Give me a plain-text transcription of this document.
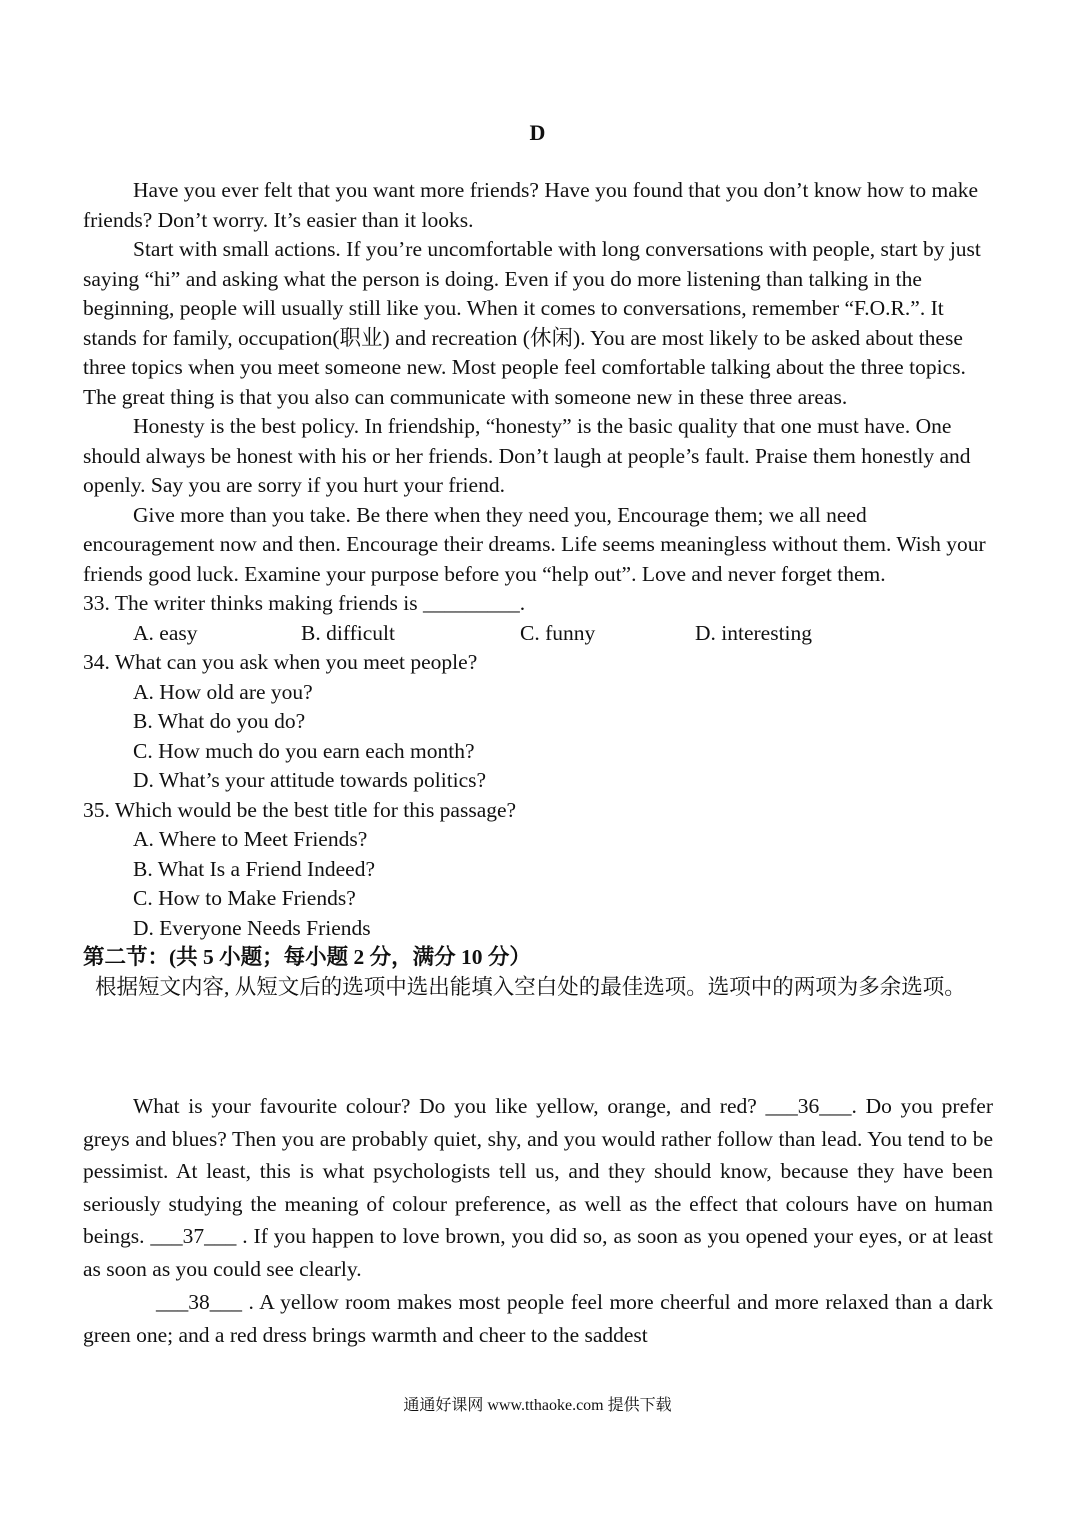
D

Have you ever felt that you want more friends? Have you found that you don’t know how to make friends? Don’t worry. It’s easier than it looks.

Start with small actions. If you’re uncomfortable with long conversations with people, start by just saying “hi” and asking what the person is doing. Even if you do more listening than talking in the beginning, people will usually still like you. When it comes to conversations, remember “F.O.R.”. It stands for family, occupation(职业) and recreation (休闲). You are most likely to be asked about these three topics when you meet someone new. Most people feel comfortable talking about the three topics. The great thing is that you also can communicate with someone new in these three areas.

Honesty is the best policy. In friendship, “honesty” is the basic quality that one must have. One should always be honest with his or her friends. Don’t laugh at people’s fault. Praise them honestly and openly. Say you are sorry if you hurt your friend.

Give more than you take. Be there when they need you, Encourage them; we all need encouragement now and then. Encourage their dreams. Life seems meaningless without them. Wish your friends good luck. Examine your purpose before you “help out”. Love and never forget them.

33. The writer thinks making friends is _________.
A. easy	B. difficult	C. funny	D. interesting
34. What can you ask when you meet people?
A. How old are you?
B. What do you do?
C. How much do you earn each month?
D. What’s your attitude towards politics?
35. Which would be the best title for this passage?
A. Where to Meet Friends?
B. What Is a Friend Indeed?
C. How to Make Friends?
D. Everyone Needs Friends
第二节：(共 5 小题；每小题 2 分，满分 10 分）
根据短文内容, 从短文后的选项中选出能填入空白处的最佳选项。选项中的两项为多余选项。

What is your favourite colour? Do you like yellow, orange, and red? ___36___. Do you prefer greys and blues? Then you are probably quiet, shy, and you would rather follow than lead. You tend to be pessimist. At least, this is what psychologists tell us, and they should know, because they have been seriously studying the meaning of colour preference, as well as the effect that colours have on human beings. ___37___ . If you happen to love brown, you did so, as soon as you opened your eyes, or at least as soon as you could see clearly.

___38___ . A yellow room makes most people feel more cheerful and more relaxed than a dark green one; and a red dress brings warmth and cheer to the saddest

通通好课网 www.tthaoke.com 提供下载
